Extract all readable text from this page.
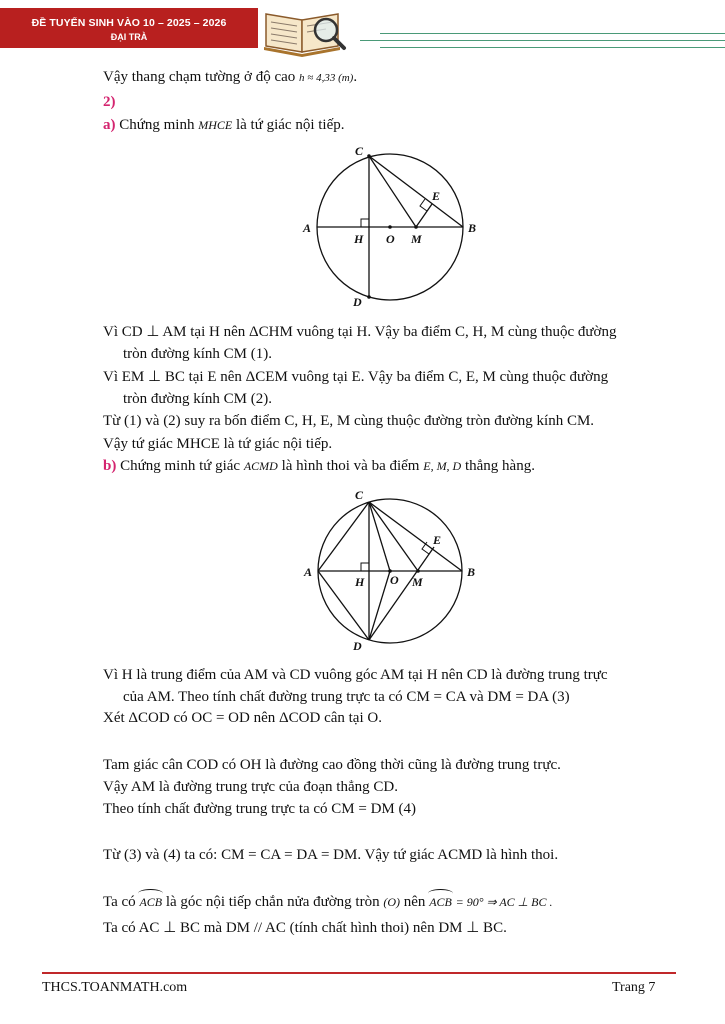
ĐỀ TUYỂN SINH VÀO 10 – 2025 – 2026
ĐẠI TRÀ
Vậy thang chạm tường ở độ cao h ≈ 4,33 (m).
2)
a) Chứng minh MHCE là tứ giác nội tiếp.
C
E
A	B
H O M
D
Vì CD ⊥ AM tại H nên ΔCHM vuông tại H. Vậy ba điểm C, H, M cùng thuộc đường
tròn đường kính CM (1).
Vì EM ⊥ BC tại E nên ΔCEM vuông tại E. Vậy ba điểm C, E, M cùng thuộc đường
tròn đường kính CM (2).
Từ (1) và (2) suy ra bốn điểm C, H, E, M cùng thuộc đường tròn đường kính CM.
Vậy tứ giác MHCE là tứ giác nội tiếp.
b) Chứng minh tứ giác ACMD là hình thoi và ba điểm E, M, D thẳng hàng.
C
E
A	B
H O M
D
Vì H là trung điểm của AM và CD vuông góc AM tại H nên CD là đường trung trực
của AM. Theo tính chất đường trung trực ta có CM = CA và DM = DA (3)
Xét ΔCOD có OC = OD nên ΔCOD cân tại O.
Tam giác cân COD có OH là đường cao đồng thời cũng là đường trung trực.
Vậy AM là đường trung trực của đoạn thẳng CD.
Theo tính chất đường trung trực ta có CM = DM (4)
Từ (3) và (4) ta có: CM = CA = DA = DM. Vậy tứ giác ACMD là hình thoi.
Ta có ACB là góc nội tiếp chắn nửa đường tròn (O) nên ACB = 90° ⇒ AC ⊥ BC .
Ta có AC ⊥ BC mà DM // AC (tính chất hình thoi) nên DM ⊥ BC.
THCS.TOANMATH.com	Trang 7
